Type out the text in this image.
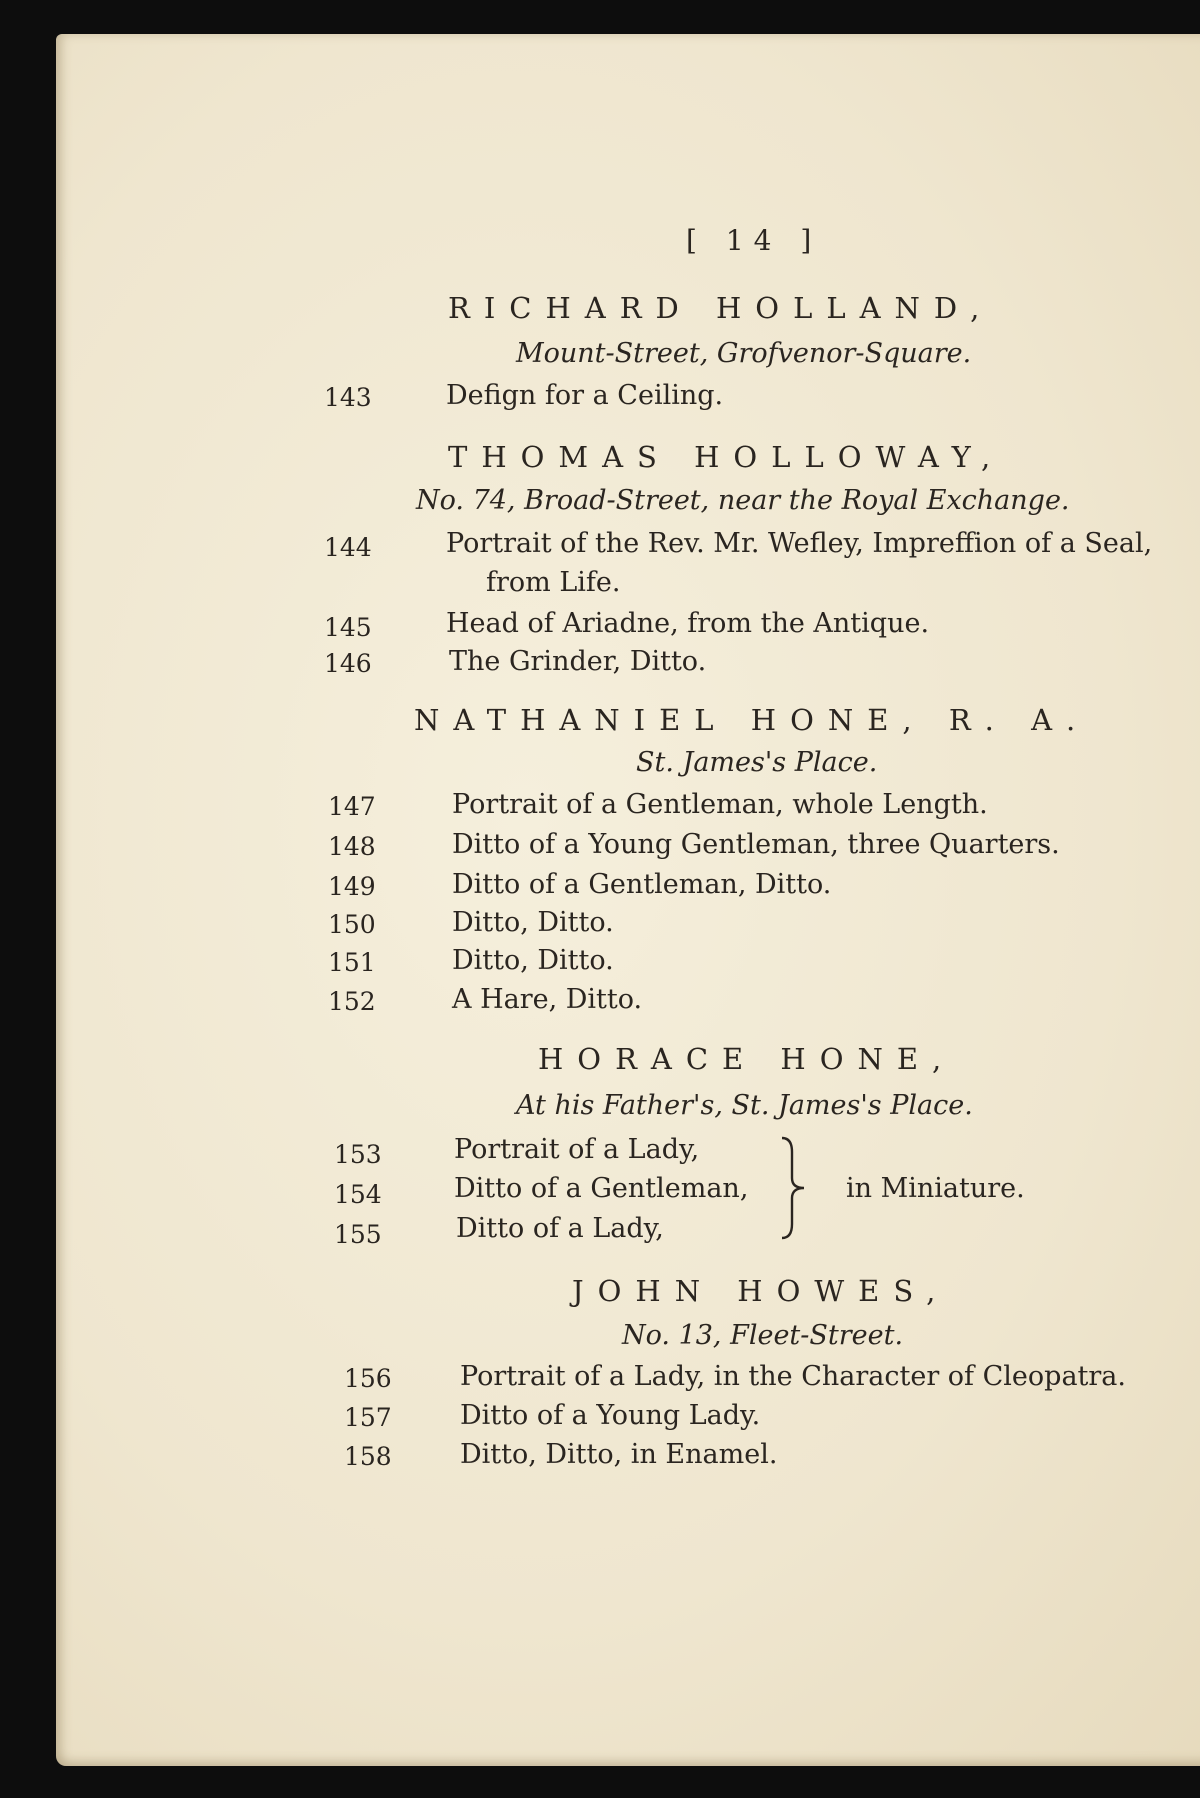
[ 14 ]
RICHARD HOLLAND,
Mount-Street, Grofvenor-Square.
143	Defign for a Ceiling.
THOMAS HOLLOWAY,
No. 74, Broad-Street, near the Royal Exchange.
144	Portrait of the Rev. Mr. Wefley, Impreffion of a Seal,
from Life.
145	Head of Ariadne, from the Antique.
146	The Grinder, Ditto.
NATHANIEL HONE, R. A.
St. James's Place.
147	Portrait of a Gentleman, whole Length.
148	Ditto of a Young Gentleman, three Quarters.
149	Ditto of a Gentleman, Ditto.
150	Ditto, Ditto.
151	Ditto, Ditto.
152	A Hare, Ditto.
HORACE HONE,
At his Father's, St. James's Place.
153	Portrait of a Lady,
154	Ditto of a Gentleman,
155	Ditto of a Lady,
in Miniature.
JOHN HOWES,
No. 13, Fleet-Street.
156	Portrait of a Lady, in the Character of Cleopatra.
157	Ditto of a Young Lady.
158	Ditto, Ditto, in Enamel.
